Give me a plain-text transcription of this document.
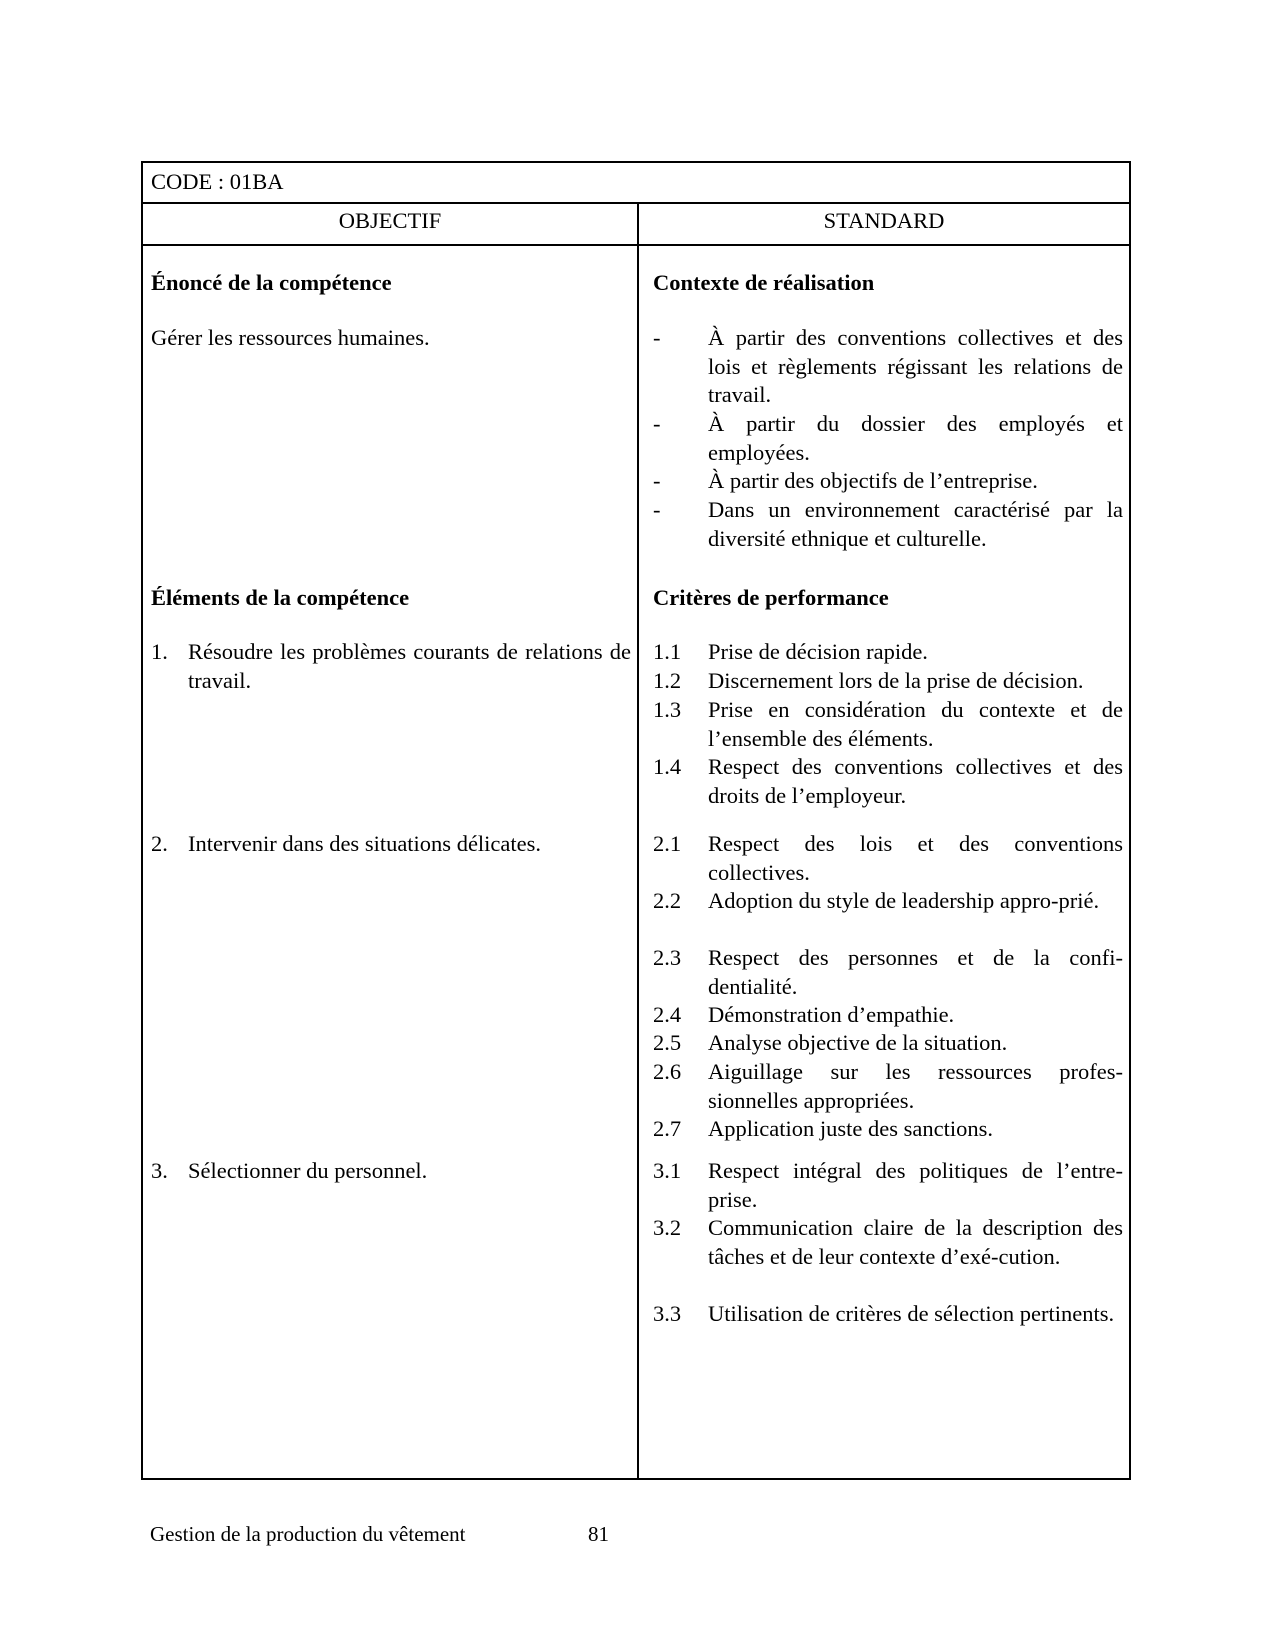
CODE : 01BA
OBJECTIF	STANDARD
Énoncé de la compétence
Gérer les ressources humaines.
Éléments de la compétence
1. Résoudre les problèmes courants de relations de travail.
2. Intervenir dans des situations délicates.
3. Sélectionner du personnel.
Contexte de réalisation
- À partir des conventions collectives et des lois et règlements régissant les relations de travail.
- À partir du dossier des employés et employées.
- À partir des objectifs de l’entreprise.
- Dans un environnement caractérisé par la diversité ethnique et culturelle.
Critères de performance
1.1 Prise de décision rapide.
1.2 Discernement lors de la prise de décision.
1.3 Prise en considération du contexte et de l’ensemble des éléments.
1.4 Respect des conventions collectives et des droits de l’employeur.
2.1 Respect des lois et des conventions collectives.
2.2 Adoption du style de leadership appro-prié.
2.3 Respect des personnes et de la confi-dentialité.
2.4 Démonstration d’empathie.
2.5 Analyse objective de la situation.
2.6 Aiguillage sur les ressources profes-sionnelles appropriées.
2.7 Application juste des sanctions.
3.1 Respect intégral des politiques de l’entre-prise.
3.2 Communication claire de la description des tâches et de leur contexte d’exé-cution.
3.3 Utilisation de critères de sélection pertinents.
Gestion de la production du vêtement	81
